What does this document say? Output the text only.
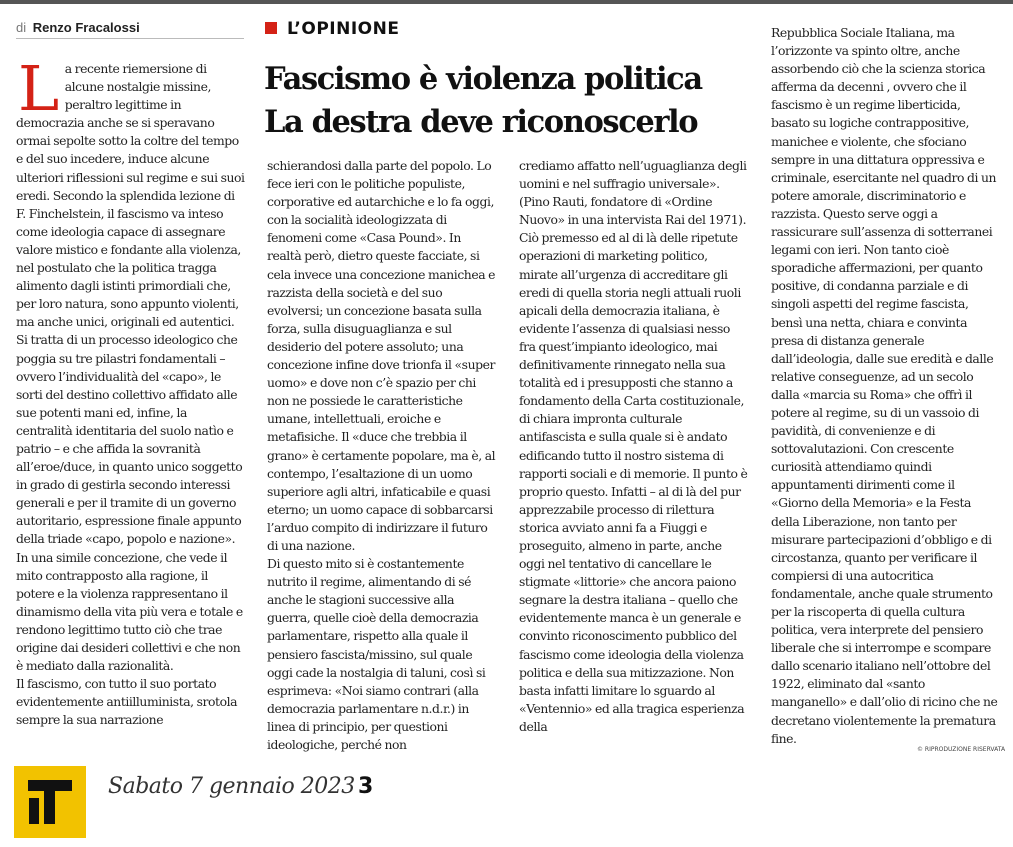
di Renzo Fracalossi	L’OPINIONE
Fascismo è violenza politica
La destra deve riconoscerlo

La recente riemersione di alcune nostalgie missine, peraltro legittime in democrazia anche se si speravano ormai sepolte sotto la coltre del tempo e del suo incedere, induce alcune ulteriori riflessioni sul regime e sui suoi eredi. Secondo la splendida lezione di F. Finchelstein, il fascismo va inteso come ideologia capace di assegnare valore mistico e fondante alla violenza, nel postulato che la politica tragga alimento dagli istinti primordiali che, per loro natura, sono appunto violenti, ma anche unici, originali ed autentici. Si tratta di un processo ideologico che poggia su tre pilastri fondamentali – ovvero l’individualità del «capo», le sorti del destino collettivo affidato alle sue potenti mani ed, infine, la centralità identitaria del suolo natìo e patrio – e che affida la sovranità all’eroe/duce, in quanto unico soggetto in grado di gestirla secondo interessi generali e per il tramite di un governo autoritario, espressione finale appunto della triade «capo, popolo e nazione». In una simile concezione, che vede il mito contrapposto alla ragione, il potere e la violenza rappresentano il dinamismo della vita più vera e totale e rendono legittimo tutto ciò che trae origine dai desideri collettivi e che non è mediato dalla razionalità.

Il fascismo, con tutto il suo portato evidentemente antiilluminista, srotola sempre la sua narrazione

schierandosi dalla parte del popolo. Lo fece ieri con le politiche populiste, corporative ed autarchiche e lo fa oggi, con la socialità ideologizzata di fenomeni come «Casa Pound». In realtà però, dietro queste facciate, si cela invece una concezione manichea e razzista della società e del suo evolversi; un concezione basata sulla forza, sulla disuguaglianza e sul desiderio del potere assoluto; una concezione infine dove trionfa il «super uomo» e dove non c’è spazio per chi non ne possiede le caratteristiche umane, intellettuali, eroiche e metafisiche. Il «duce che trebbia il grano» è certamente popolare, ma è, al contempo, l’esaltazione di un uomo superiore agli altri, infaticabile e quasi eterno; un uomo capace di sobbarcarsi l’arduo compito di indirizzare il futuro di una nazione.

Di questo mito si è costantemente nutrito il regime, alimentando di sé anche le stagioni successive alla guerra, quelle cioè della democrazia parlamentare, rispetto alla quale il pensiero fascista/missino, sul quale oggi cade la nostalgia di taluni, così si esprimeva: «Noi siamo contrari (alla democrazia parlamentare n.d.r.) in linea di principio, per questioni ideologiche, perché non

crediamo affatto nell’uguaglianza degli uomini e nel suffragio universale». (Pino Rauti, fondatore di «Ordine Nuovo» in una intervista Rai del 1971).

Ciò premesso ed al di là delle ripetute operazioni di marketing politico, mirate all’urgenza di accreditare gli eredi di quella storia negli attuali ruoli apicali della democrazia italiana, è evidente l’assenza di qualsiasi nesso fra quest’impianto ideologico, mai definitivamente rinnegato nella sua totalità ed i presupposti che stanno a fondamento della Carta costituzionale, di chiara impronta culturale antifascista e sulla quale si è andato edificando tutto il nostro sistema di rapporti sociali e di memorie. Il punto è proprio questo. Infatti – al di là del pur apprezzabile processo di rilettura storica avviato anni fa a Fiuggi e proseguito, almeno in parte, anche oggi nel tentativo di cancellare le stigmate «littorie» che ancora paiono segnare la destra italiana – quello che evidentemente manca è un generale e convinto riconoscimento pubblico del fascismo come ideologia della violenza politica e della sua mitizzazione. Non basta infatti limitare lo sguardo al «Ventennio» ed alla tragica esperienza della

Repubblica Sociale Italiana, ma l’orizzonte va spinto oltre, anche assorbendo ciò che la scienza storica afferma da decenni , ovvero che il fascismo è un regime liberticida, basato su logiche contrappositive, manichee e violente, che sfociano sempre in una dittatura oppressiva e criminale, esercitante nel quadro di un potere amorale, discriminatorio e razzista. Questo serve oggi a rassicurare sull’assenza di sotterranei legami con ieri. Non tanto cioè sporadiche affermazioni, per quanto positive, di condanna parziale e di singoli aspetti del regime fascista, bensì una netta, chiara e convinta presa di distanza generale dall’ideologia, dalle sue eredità e dalle relative conseguenze, ad un secolo dalla «marcia su Roma» che offrì il potere al regime, su di un vassoio di pavidità, di convenienze e di sottovalutazioni. Con crescente curiosità attendiamo quindi appuntamenti dirimenti come il «Giorno della Memoria» e la Festa della Liberazione, non tanto per misurare partecipazioni d’obbligo e di circostanza, quanto per verificare il compiersi di una autocritica fondamentale, anche quale strumento per la riscoperta di quella cultura politica, vera interprete del pensiero liberale che si interrompe e scompare dallo scenario italiano nell’ottobre del 1922, eliminato dal «santo manganello» e dall’olio di ricino che ne decretano violentemente la prematura fine.

© RIPRODUZIONE RISERVATA
Sabato 7 gennaio 2023 3
